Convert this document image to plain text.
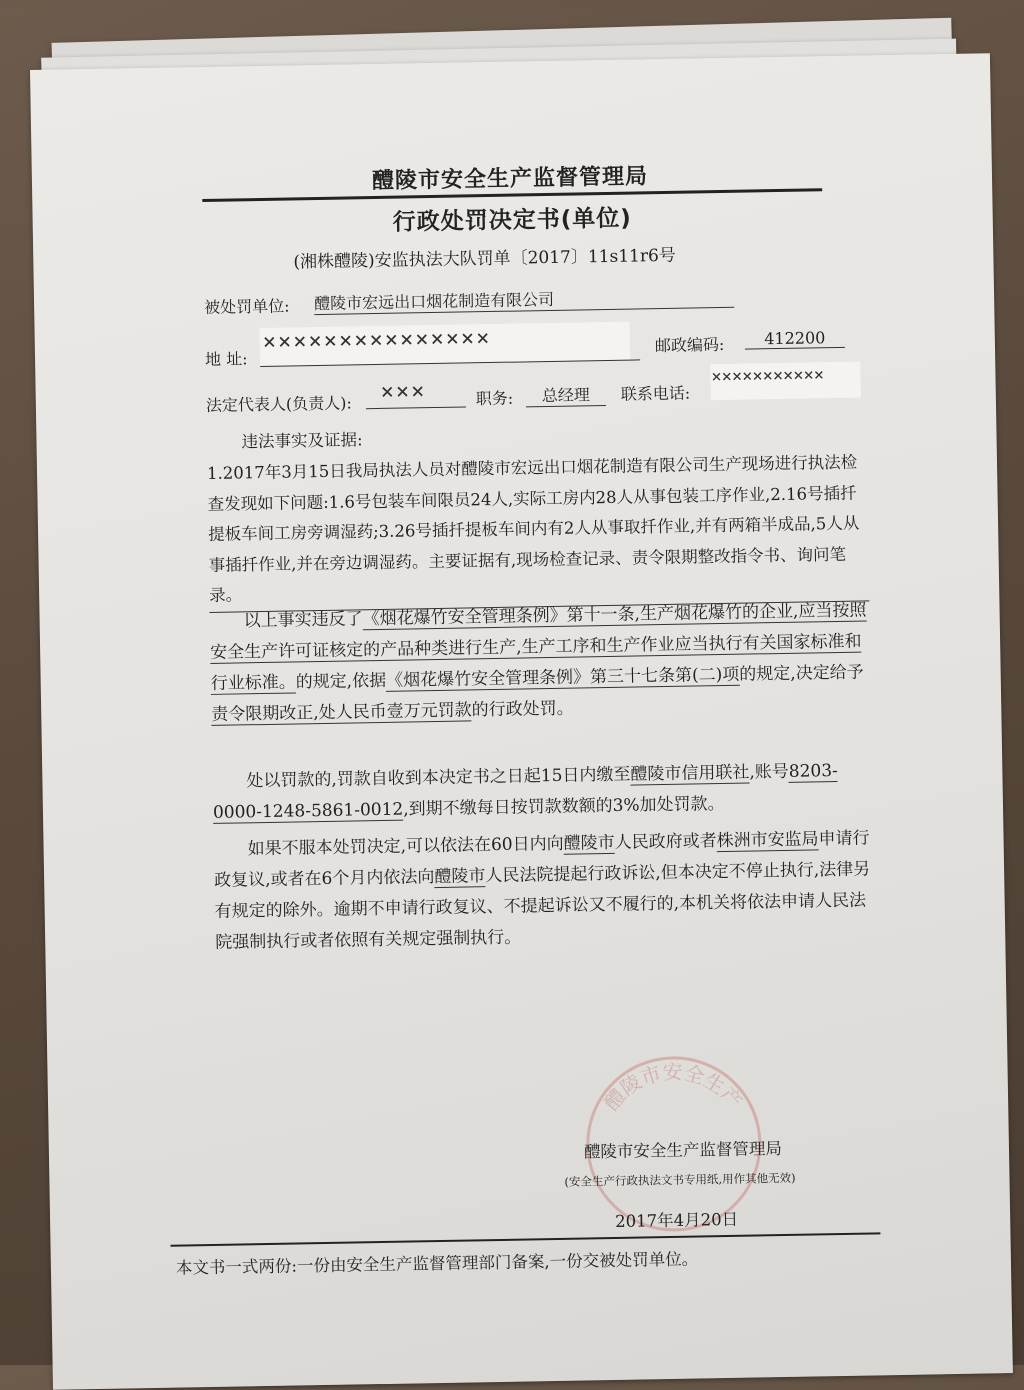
醴陵市安全生产监督管理局
行政处罚决定书(单位)
(湘株醴陵)安监执法大队罚单〔2017〕11s11r6号
被处罚单位: 醴陵市宏远出口烟花制造有限公司
地 址:
×××××××××××××××	邮政编码:	412200
法定代表人(负责人): ×××	职务:	总经理	联系电话:
×××××××××××
违法事实及证据:

1.2017年3月15日我局执法人员对醴陵市宏远出口烟花制造有限公司生产现场进行执法检查发现如下问题:1.6号包装车间限员24人,实际工房内28人从事包装工序作业,2.16号插扦提板车间工房旁调湿药;3.26号插扦提板车间内有2人从事取扦作业,并有两箱半成品,5人从事插扦作业,并在旁边调湿药。主要证据有,现场检查记录、责令限期整改指令书、询问笔录。

以上事实违反了《烟花爆竹安全管理条例》第十一条,生产烟花爆竹的企业,应当按照安全生产许可证核定的产品种类进行生产,生产工序和生产作业应当执行有关国家标准和行业标准。的规定,依据《烟花爆竹安全管理条例》第三十七条第(二)项的规定,决定给予责令限期改正,处人民币壹万元罚款的行政处罚。

处以罚款的,罚款自收到本决定书之日起15日内缴至醴陵市信用联社,账号8203-0000-1248-5861-0012,到期不缴每日按罚款数额的3%加处罚款。

如果不服本处罚决定,可以依法在60日内向醴陵市人民政府或者株洲市安监局申请行政复议,或者在6个月内依法向醴陵市人民法院提起行政诉讼,但本决定不停止执行,法律另有规定的除外。逾期不申请行政复议、不提起诉讼又不履行的,本机关将依法申请人民法院强制执行或者依照有关规定强制执行。

醴陵市安全生产
醴陵市安全生产监督管理局
(安全生产行政执法文书专用纸,用作其他无效)
2017年4月20日
本文书一式两份:一份由安全生产监督管理部门备案,一份交被处罚单位。
